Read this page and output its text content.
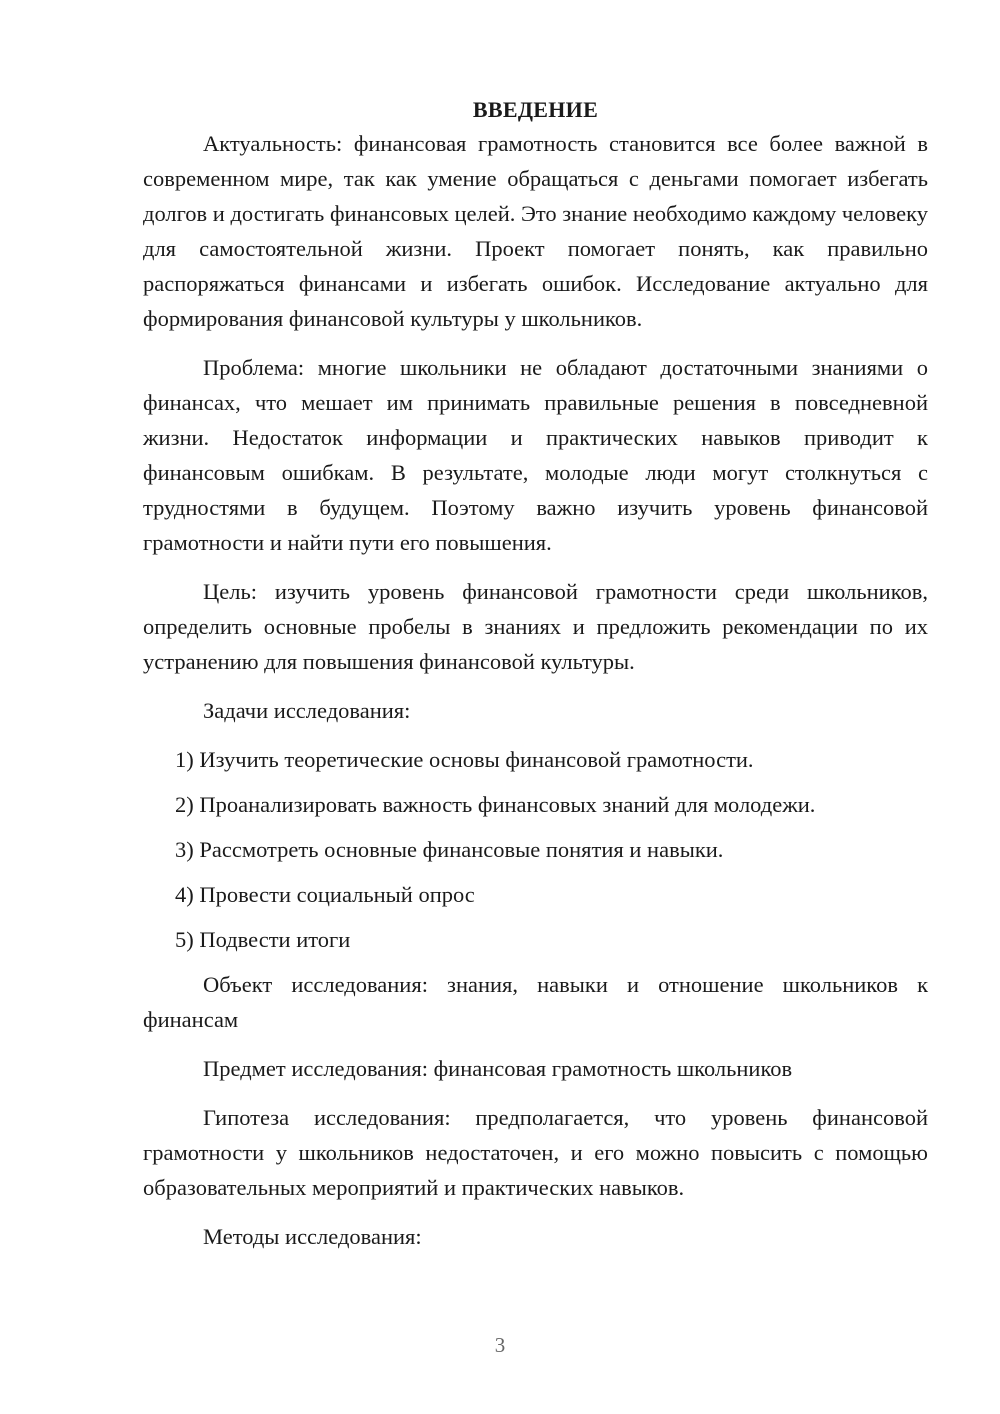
ВВЕДЕНИЕ

Актуальность: финансовая грамотность становится все более важной в современном мире, так как умение обращаться с деньгами помогает избегать долгов и достигать финансовых целей. Это знание необходимо каждому человеку для самостоятельной жизни. Проект помогает понять, как правильно распоряжаться финансами и избегать ошибок. Исследование актуально для формирования финансовой культуры у школьников.

Проблема: многие школьники не обладают достаточными знаниями о финансах, что мешает им принимать правильные решения в повседневной жизни. Недостаток информации и практических навыков приводит к финансовым ошибкам. В результате, молодые люди могут столкнуться с трудностями в будущем. Поэтому важно изучить уровень финансовой грамотности и найти пути его повышения.

Цель: изучить уровень финансовой грамотности среди школьников, определить основные пробелы в знаниях и предложить рекомендации по их устранению для повышения финансовой культуры.

Задачи исследования:

1) Изучить теоретические основы финансовой грамотности.
2) Проанализировать важность финансовых знаний для молодежи.
3) Рассмотреть основные финансовые понятия и навыки.
4) Провести социальный опрос
5) Подвести итоги

Объект исследования: знания, навыки и отношение школьников к финансам

Предмет исследования: финансовая грамотность школьников

Гипотеза исследования: предполагается, что уровень финансовой грамотности у школьников недостаточен, и его можно повысить с помощью образовательных мероприятий и практических навыков.

Методы исследования:

3
